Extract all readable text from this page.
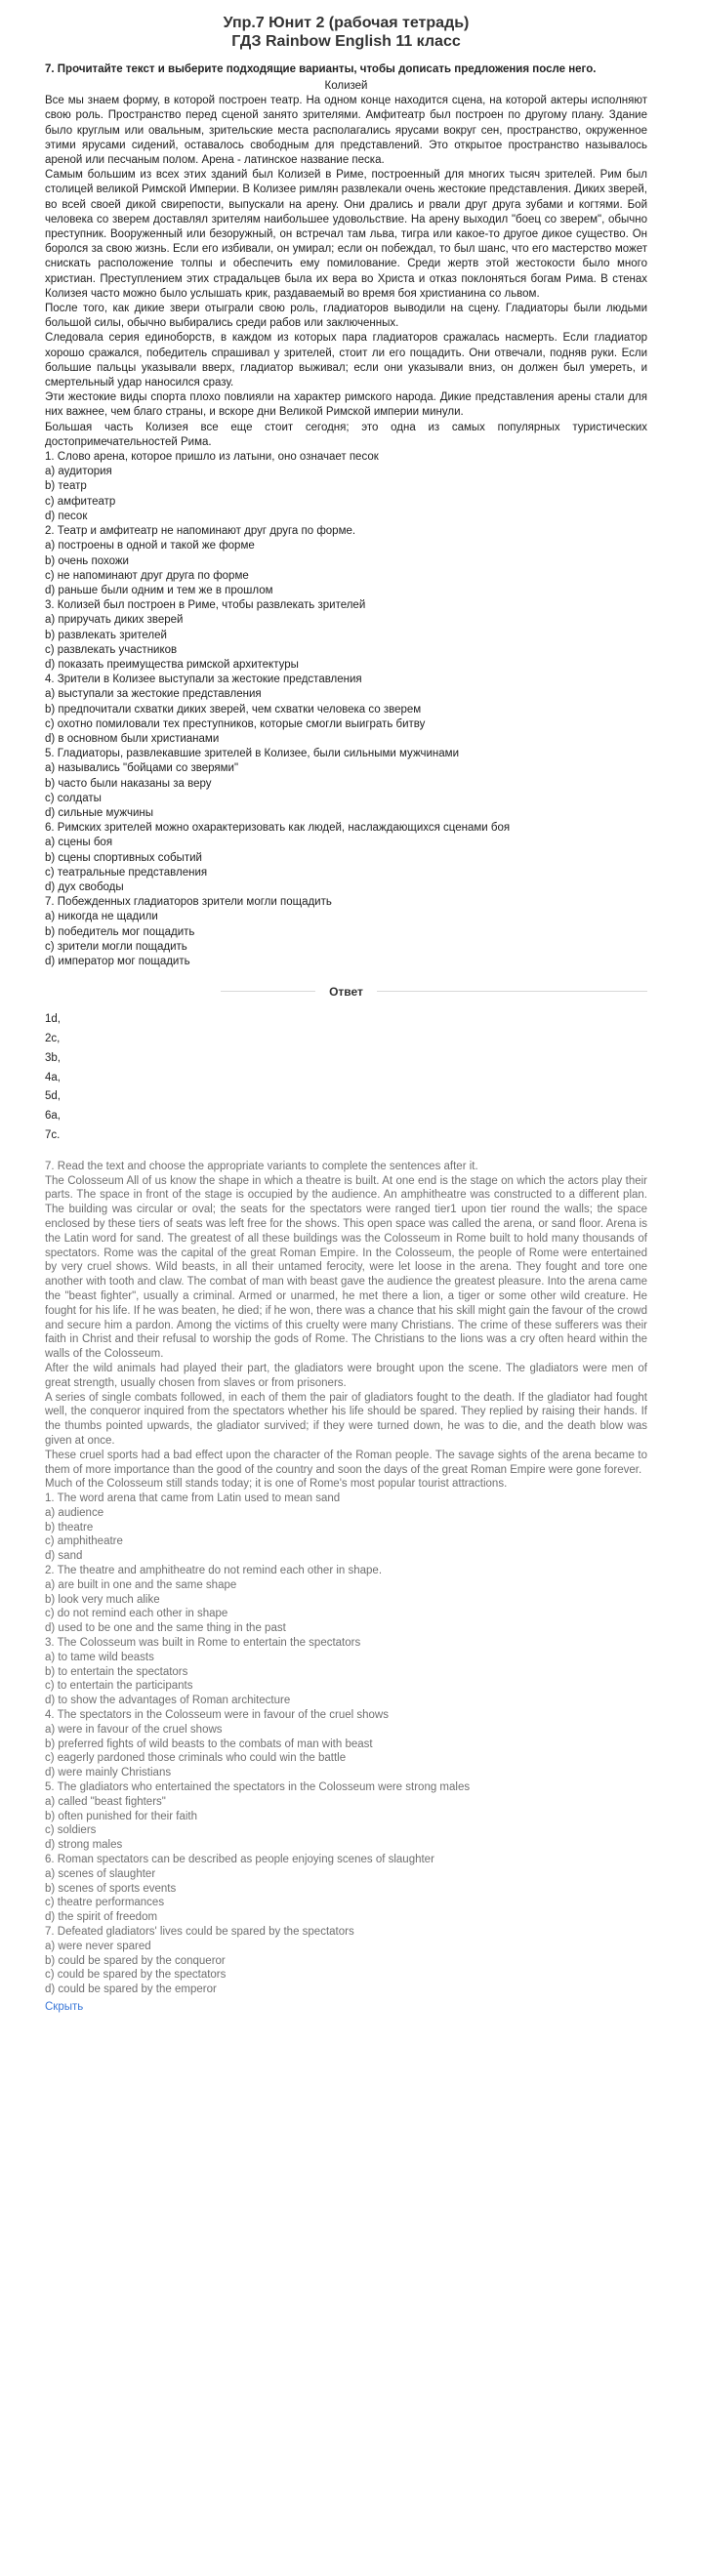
Упр.7 Юнит 2 (рабочая тетрадь)
ГДЗ Rainbow English 11 класс

7. Прочитайте текст и выберите подходящие варианты, чтобы дописать предложения после него.

Колизей
Все мы знаем форму, в которой построен театр. На одном конце находится сцена, на которой актеры исполняют свою роль. Пространство перед сценой занято зрителями. Амфитеатр был построен по другому плану. Здание было круглым или овальным, зрительские места располагались ярусами вокруг сен, пространство, окруженное этими ярусами сидений, оставалось свободным для представлений. Это открытое пространство называлось ареной или песчаным полом. Арена - латинское название песка.
Самым большим из всех этих зданий был Колизей в Риме, построенный для многих тысяч зрителей. Рим был столицей великой Римской Империи. В Колизее римлян развлекали очень жестокие представления. Диких зверей, во всей своей дикой свирепости, выпускали на арену. Они дрались и рвали друг друга зубами и когтями. Бой человека со зверем доставлял зрителям наибольшее удовольствие. На арену выходил "боец со зверем", обычно преступник. Вооруженный или безоружный, он встречал там льва, тигра или какое-то другое дикое существо. Он боролся за свою жизнь. Если его избивали, он умирал; если он побеждал, то был шанс, что его мастерство может снискать расположение толпы и обеспечить ему помилование. Среди жертв этой жестокости было много христиан. Преступлением этих страдальцев была их вера во Христа и отказ поклоняться богам Рима. В стенах Колизея часто можно было услышать крик, раздаваемый во время боя христианина со львом.
После того, как дикие звери отыграли свою роль, гладиаторов выводили на сцену. Гладиаторы были людьми большой силы, обычно выбирались среди рабов или заключенных.
Следовала серия единоборств, в каждом из которых пара гладиаторов сражалась насмерть. Если гладиатор хорошо сражался, победитель спрашивал у зрителей, стоит ли его пощадить. Они отвечали, подняв руки. Если большие пальцы указывали вверх, гладиатор выживал; если они указывали вниз, он должен был умереть, и смертельный удар наносился сразу.
Эти жестокие виды спорта плохо повлияли на характер римского народа. Дикие представления арены стали для них важнее, чем благо страны, и вскоре дни Великой Римской империи минули.
Большая часть Колизея все еще стоит сегодня; это одна из самых популярных туристических достопримечательностей Рима.
1. Слово арена, которое пришло из латыни, оно означает песок
a) аудитория
b) театр
c) амфитеатр
d) песок
2. Театр и амфитеатр не напоминают друг друга по форме.
a) построены в одной и такой же форме
b) очень похожи
c) не напоминают друг друга по форме
d) раньше были одним и тем же в прошлом
3. Колизей был построен в Риме, чтобы развлекать зрителей
a) приручать диких зверей
b) развлекать зрителей
c) развлекать участников
d) показать преимущества римской архитектуры
4. Зрители в Колизее выступали за жестокие представления
a) выступали за жестокие представления
b) предпочитали схватки диких зверей, чем схватки человека со зверем
c) охотно помиловали тех преступников, которые смогли выиграть битву
d) в основном были христианами
5. Гладиаторы, развлекавшие зрителей в Колизее, были сильными мужчинами
a) назывались "бойцами со зверями"
b) часто были наказаны за веру
c) солдаты
d) сильные мужчины
6. Римских зрителей можно охарактеризовать как людей, наслаждающихся сценами боя
a) сцены боя
b) сцены спортивных событий
c) театральные представления
d) дух свободы
7. Побежденных гладиаторов зрители могли пощадить
a) никогда не щадили
b) победитель мог пощадить
c) зрители могли пощадить
d) император мог пощадить
Ответ
1d,
2c,
3b,
4a,
5d,
6a,
7c.
7. Read the text and choose the appropriate variants to complete the sentences after it.
The Colosseum All of us know the shape in which a theatre is built. At one end is the stage on which the actors play their parts. The space in front of the stage is occupied by the audience. An amphitheatre was constructed to a different plan. The building was circular or oval; the seats for the spectators were ranged tier1 upon tier round the walls; the space enclosed by these tiers of seats was left free for the shows. This open space was called the arena, or sand floor. Arena is the Latin word for sand. The greatest of all these buildings was the Colosseum in Rome built to hold many thousands of spectators. Rome was the capital of the great Roman Empire. In the Colosseum, the people of Rome were entertained by very cruel shows. Wild beasts, in all their untamed ferocity, were let loose in the arena. They fought and tore one another with tooth and claw. The combat of man with beast gave the audience the greatest pleasure. Into the arena came the "beast fighter", usually a criminal. Armed or unarmed, he met there a lion, a tiger or some other wild creature. He fought for his life. If he was beaten, he died; if he won, there was a chance that his skill might gain the favour of the crowd and secure him a pardon. Among the victims of this cruelty were many Christians. The crime of these sufferers was their faith in Christ and their refusal to worship the gods of Rome. The Christians to the lions was a cry often heard within the walls of the Colosseum.
After the wild animals had played their part, the gladiators were brought upon the scene. The gladiators were men of great strength, usually chosen from slaves or from prisoners.
A series of single combats followed, in each of them the pair of gladiators fought to the death. If the gladiator had fought well, the conqueror inquired from the spectators whether his life should be spared. They replied by raising their hands. If the thumbs pointed upwards, the gladiator survived; if they were turned down, he was to die, and the death blow was given at once.
These cruel sports had a bad effect upon the character of the Roman people. The savage sights of the arena became to them of more importance than the good of the country and soon the days of the great Roman Empire were gone forever.
Much of the Colosseum still stands today; it is one of Rome's most popular tourist attractions.
1. The word arena that came from Latin used to mean sand
a) audience
b) theatre
c) amphitheatre
d) sand
2. The theatre and amphitheatre do not remind each other in shape.
a) are built in one and the same shape
b) look very much alike
c) do not remind each other in shape
d) used to be one and the same thing in the past
3. The Colosseum was built in Rome to entertain the spectators
a) to tame wild beasts
b) to entertain the spectators
c) to entertain the participants
d) to show the advantages of Roman architecture
4. The spectators in the Colosseum were in favour of the cruel shows
a) were in favour of the cruel shows
b) preferred fights of wild beasts to the combats of man with beast
c) eagerly pardoned those criminals who could win the battle
d) were mainly Christians
5. The gladiators who entertained the spectators in the Colosseum were strong males
a) called "beast fighters"
b) often punished for their faith
c) soldiers
d) strong males
6. Roman spectators can be described as people enjoying scenes of slaughter
a) scenes of slaughter
b) scenes of sports events
c) theatre performances
d) the spirit of freedom
7. Defeated gladiators' lives could be spared by the spectators
a) were never spared
b) could be spared by the conqueror
c) could be spared by the spectators
d) could be spared by the emperor
Скрыть
